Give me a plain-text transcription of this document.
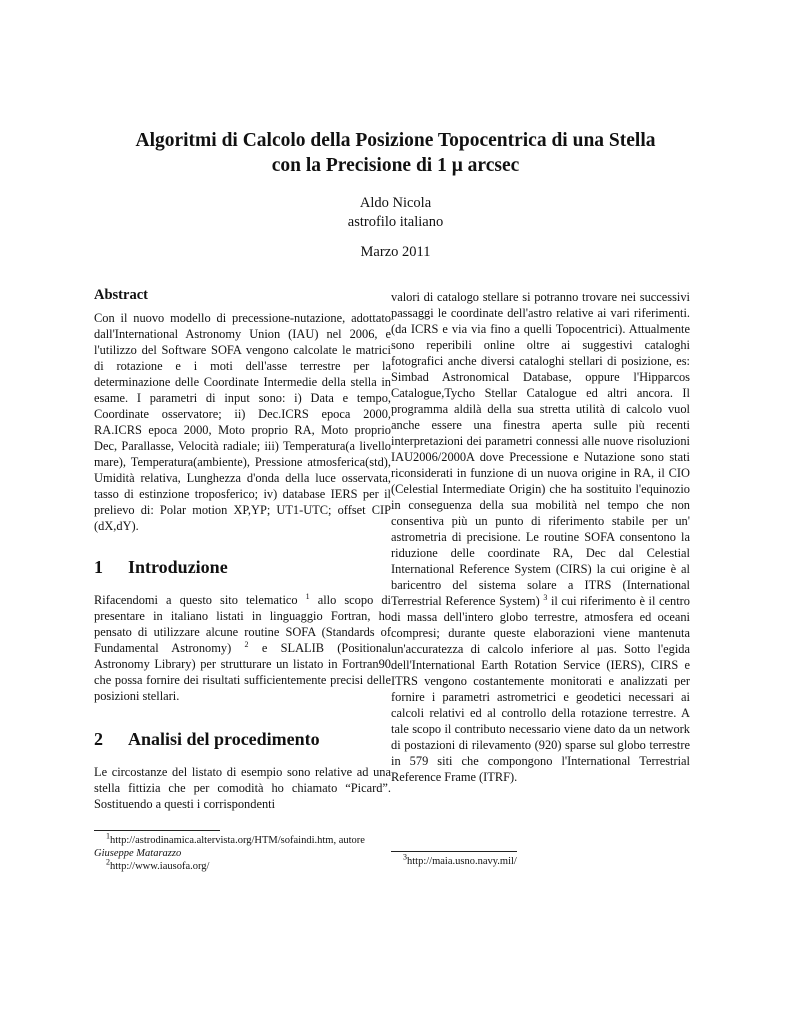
Algoritmi di Calcolo della Posizione Topocentrica di una Stella
con la Precisione di 1 μ arcsec
Aldo Nicola
astrofilo italiano
Marzo 2011
Abstract

Con il nuovo modello di precessione-nutazione, adottato dall'International Astronomy Union (IAU) nel 2006, e l'utilizzo del Software SOFA vengono calcolate le matrici di rotazione e i moti dell'asse terrestre per la determinazione delle Coordinate Intermedie della stella in esame. I parametri di input sono: i) Data e tempo, Coordinate osservatore; ii) Dec.ICRS epoca 2000, RA.ICRS epoca 2000, Moto proprio RA, Moto proprio Dec, Parallasse, Velocità radiale; iii) Temperatura(a livello mare), Temperatura(ambiente), Pressione atmosferica(std), Umidità relativa, Lunghezza d'onda della luce osservata, tasso di estinzione troposferico; iv) database IERS per il prelievo di: Polar motion XP,YP; UT1-UTC; offset CIP (dX,dY).

1	Introduzione

Rifacendomi a questo sito telematico $^1$ allo scopo di presentare in italiano listati in linguaggio Fortran, ho pensato di utilizzare alcune routine SOFA (Standards of Fundamental Astronomy) $^2$ e SLALIB (Positional Astronomy Library) per strutturare un listato in Fortran90 che possa fornire dei risultati sufficientemente precisi delle posizioni stellari.

2	Analisi del procedimento

Le circostanze del listato di esempio sono relative ad una stella fittizia che per comodità ho chiamato “Picard”. Sostituendo a questi i corrispondenti

valori di catalogo stellare si potranno trovare nei successivi passaggi le coordinate dell'astro relative ai vari riferimenti.(da ICRS e via via fino a quelli Topocentrici). Attualmente sono reperibili online oltre ai suggestivi cataloghi fotografici anche diversi cataloghi stellari di posizione, es: Simbad Astronomical Database, oppure l'Hipparcos Catalogue,Tycho Stellar Catalogue ed altri ancora. Il programma aldilà della sua stretta utilità di calcolo vuol anche essere una finestra aperta sulle più recenti interpretazioni dei parametri connessi alle nuove risoluzioni IAU2006/2000A dove Precessione e Nutazione sono stati riconsiderati in funzione di un nuova origine in RA, il CIO (Celestial Intermediate Origin) che ha sostituito l'equinozio in conseguenza della sua mobilità nel tempo che non consentiva più un punto di riferimento stabile per un' astrometria di precisione. Le routine SOFA consentono la riduzione delle coordinate RA, Dec dal Celestial International Reference System (CIRS) la cui origine è al baricentro del sistema solare a ITRS (International Terrestrial Reference System) $^3$ il cui riferimento è il centro di massa dell'intero globo terrestre, atmosfera ed oceani compresi; durante queste elaborazioni viene mantenuta un'accuratezza di calcolo inferiore al μas. Sotto l'egida dell'International Earth Rotation Service (IERS), CIRS e ITRS vengono costantemente monitorati e analizzati per fornire i parametri astrometrici e geodetici necessari ai calcoli relativi ed al controllo della rotazione terrestre. A tale scopo il contributo necessario viene dato da un network di postazioni di rilevamento (920) sparse sul globo terrestre in 579 siti che compongono l'International Terrestrial Reference Frame (ITRF).

$^1$http://astrodinamica.altervista.org/HTM/sofaindi.htm, autore Giuseppe Matarazzo

$^2$http://www.iausofa.org/

$^3$http://maia.usno.navy.mil/
